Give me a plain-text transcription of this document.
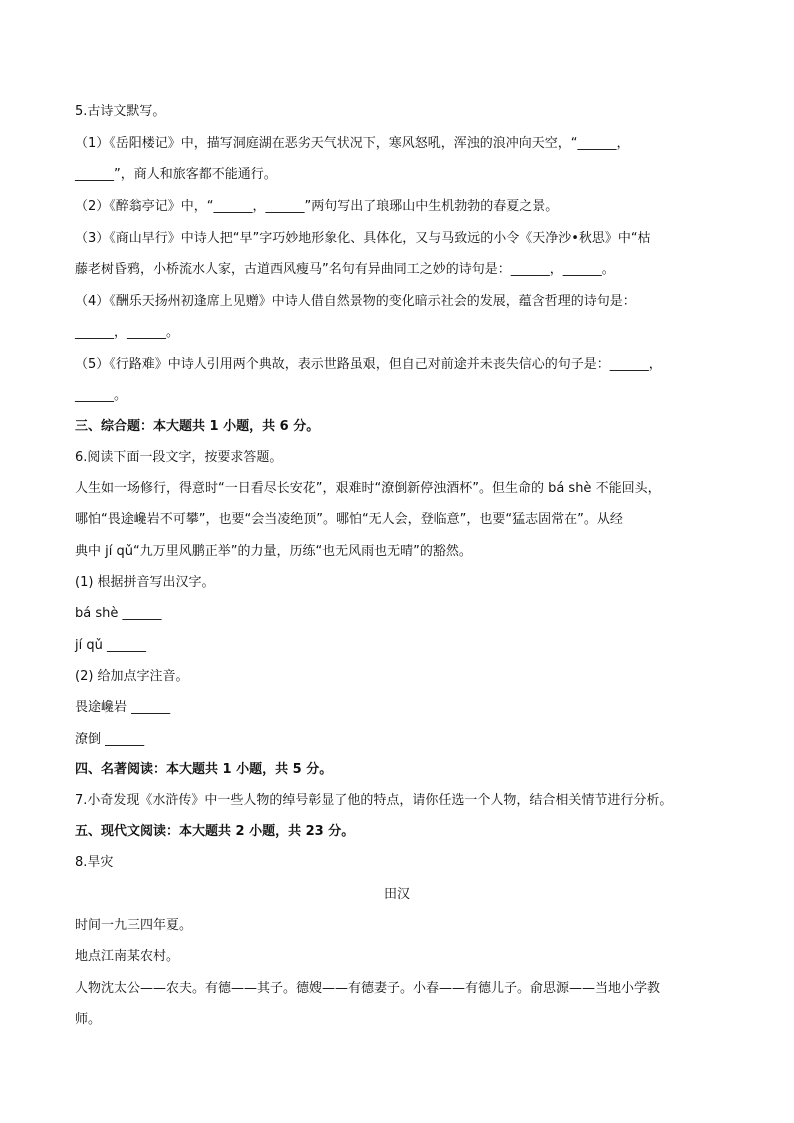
5.古诗文默写。
（1）《岳阳楼记》中，描写洞庭湖在恶劣天气状况下，寒风怒吼，浑浊的浪冲向天空，“______，
______”，商人和旅客都不能通行。
（2）《醉翁亭记》中，“______，______”两句写出了琅琊山中生机勃勃的春夏之景。
（3）《商山早行》中诗人把“早”字巧妙地形象化、具体化，又与马致远的小令《天净沙•秋思》中“枯
藤老树昏鸦，小桥流水人家，古道西风瘦马”名句有异曲同工之妙的诗句是：______，______。
（4）《酬乐天扬州初逢席上见赠》中诗人借自然景物的变化暗示社会的发展，蕴含哲理的诗句是：
______，______。
（5）《行路难》中诗人引用两个典故，表示世路虽艰，但自己对前途并未丧失信心的句子是：______，
______。
三、综合题：本大题共 1 小题，共 6 分。
6.阅读下面一段文字，按要求答题。
人生如一场修行，得意时“一日看尽长安花”，艰难时“潦倒新停浊酒杯”。但生命的 bá shè 不能回头，
哪怕“畏途巉岩不可攀”，也要“会当凌绝顶”。哪怕“无人会，登临意”，也要“猛志固常在”。从经
典中 jí qǔ“九万里风鹏正举”的力量，历练“也无风雨也无晴”的豁然。
(1) 根据拼音写出汉字。
bá shè ______
jí qǔ ______
(2) 给加点字注音。
畏途巉岩 ______
潦倒 ______
四、名著阅读：本大题共 1 小题，共 5 分。
7.小奇发现《水浒传》中一些人物的绰号彰显了他的特点，请你任选一个人物，结合相关情节进行分析。
五、现代文阅读：本大题共 2 小题，共 23 分。
8.旱灾
田汉
时间一九三四年夏。
地点江南某农村。
人物沈太公——农夫。有德——其子。德嫂——有德妻子。小春——有德儿子。俞思源——当地小学教
师。
